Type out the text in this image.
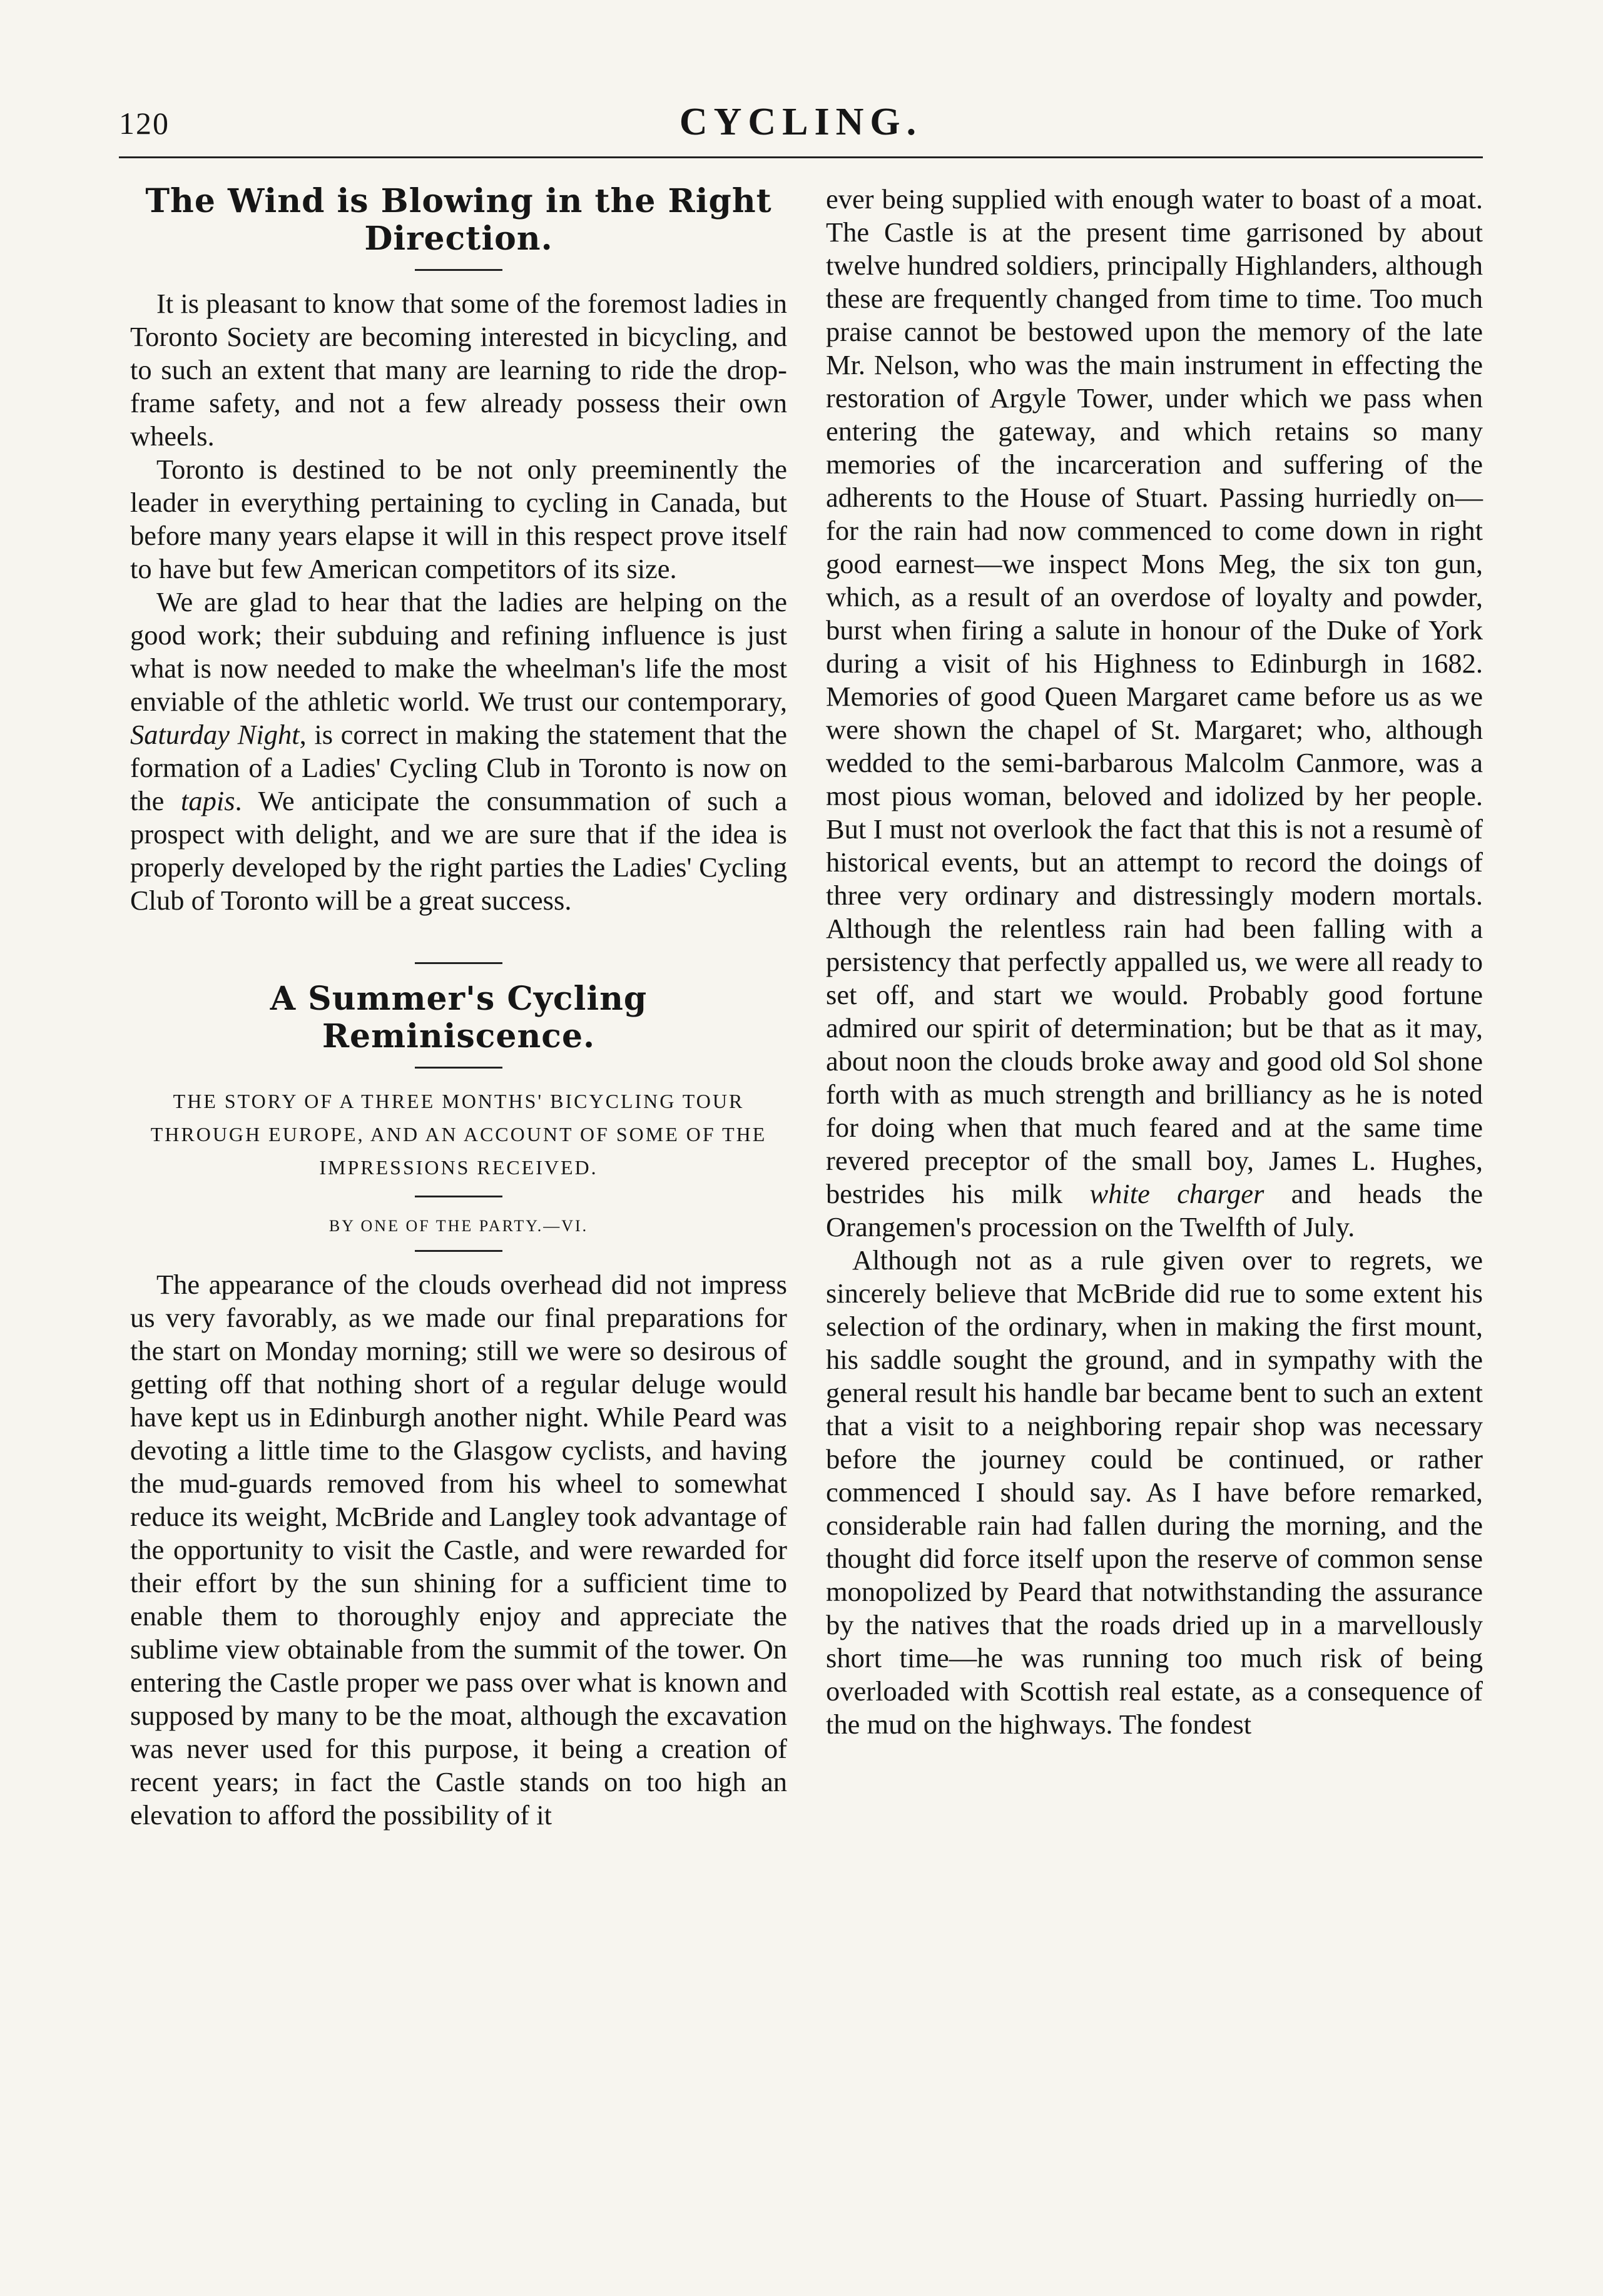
120	CYCLING.
The Wind is Blowing in the Right Direction.

It is pleasant to know that some of the foremost ladies in Toronto Society are becoming interested in bicycling, and to such an extent that many are learning to ride the drop-frame safety, and not a few already possess their own wheels.

Toronto is destined to be not only preeminently the leader in everything pertaining to cycling in Canada, but before many years elapse it will in this respect prove itself to have but few American competitors of its size.

We are glad to hear that the ladies are helping on the good work; their subduing and refining influence is just what is now needed to make the wheelman's life the most enviable of the athletic world. We trust our contemporary, Saturday Night, is correct in making the statement that the formation of a Ladies' Cycling Club in Toronto is now on the tapis. We anticipate the consummation of such a prospect with delight, and we are sure that if the idea is properly developed by the right parties the Ladies' Cycling Club of Toronto will be a great success.

A Summer's Cycling Reminiscence.
THE STORY OF A THREE MONTHS' BICYCLING TOUR THROUGH EUROPE, AND AN ACCOUNT OF SOME OF THE IMPRESSIONS RECEIVED.
BY ONE OF THE PARTY.—VI.

The appearance of the clouds overhead did not impress us very favorably, as we made our final preparations for the start on Monday morning; still we were so desirous of getting off that nothing short of a regular deluge would have kept us in Edinburgh another night. While Peard was devoting a little time to the Glasgow cyclists, and having the mud-guards removed from his wheel to somewhat reduce its weight, McBride and Langley took advantage of the opportunity to visit the Castle, and were rewarded for their effort by the sun shining for a sufficient time to enable them to thoroughly enjoy and appreciate the sublime view obtainable from the summit of the tower. On entering the Castle proper we pass over what is known and supposed by many to be the moat, although the excavation was never used for this purpose, it being a creation of recent years; in fact the Castle stands on too high an elevation to afford the possibility of it

ever being supplied with enough water to boast of a moat. The Castle is at the present time garrisoned by about twelve hundred soldiers, principally Highlanders, although these are frequently changed from time to time. Too much praise cannot be bestowed upon the memory of the late Mr. Nelson, who was the main instrument in effecting the restoration of Argyle Tower, under which we pass when entering the gateway, and which retains so many memories of the incarceration and suffering of the adherents to the House of Stuart. Passing hurriedly on—for the rain had now commenced to come down in right good earnest—we inspect Mons Meg, the six ton gun, which, as a result of an overdose of loyalty and powder, burst when firing a salute in honour of the Duke of York during a visit of his Highness to Edinburgh in 1682. Memories of good Queen Margaret came before us as we were shown the chapel of St. Margaret; who, although wedded to the semi-barbarous Malcolm Canmore, was a most pious woman, beloved and idolized by her people. But I must not overlook the fact that this is not a resumè of historical events, but an attempt to record the doings of three very ordinary and distressingly modern mortals. Although the relentless rain had been falling with a persistency that perfectly appalled us, we were all ready to set off, and start we would. Probably good fortune admired our spirit of determination; but be that as it may, about noon the clouds broke away and good old Sol shone forth with as much strength and brilliancy as he is noted for doing when that much feared and at the same time revered preceptor of the small boy, James L. Hughes, bestrides his milk white charger and heads the Orangemen's procession on the Twelfth of July.

Although not as a rule given over to regrets, we sincerely believe that McBride did rue to some extent his selection of the ordinary, when in making the first mount, his saddle sought the ground, and in sympathy with the general result his handle bar became bent to such an extent that a visit to a neighboring repair shop was necessary before the journey could be continued, or rather commenced I should say. As I have before remarked, considerable rain had fallen during the morning, and the thought did force itself upon the reserve of common sense monopolized by Peard that notwithstanding the assurance by the natives that the roads dried up in a marvellously short time—he was running too much risk of being overloaded with Scottish real estate, as a consequence of the mud on the highways. The fondest
